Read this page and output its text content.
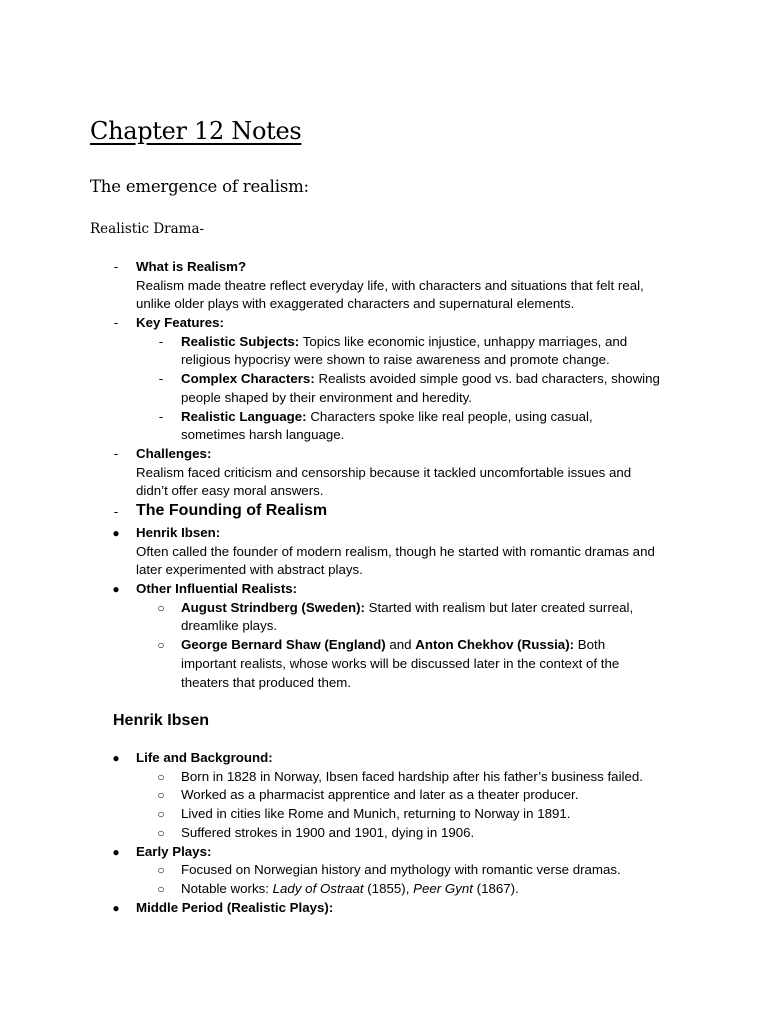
Chapter 12 Notes
The emergence of realism:
Realistic Drama-
- What is Realism?
Realism made theatre reflect everyday life, with characters and situations that felt real,
unlike older plays with exaggerated characters and supernatural elements.
- Key Features:
- Realistic Subjects: Topics like economic injustice, unhappy marriages, and
religious hypocrisy were shown to raise awareness and promote change.
- Complex Characters: Realists avoided simple good vs. bad characters, showing
people shaped by their environment and heredity.
- Realistic Language: Characters spoke like real people, using casual,
sometimes harsh language.
- Challenges:
Realism faced criticism and censorship because it tackled uncomfortable issues and
didn’t offer easy moral answers.
- The Founding of Realism
● Henrik Ibsen:
Often called the founder of modern realism, though he started with romantic dramas and
later experimented with abstract plays.
● Other Influential Realists:
○ August Strindberg (Sweden): Started with realism but later created surreal,
dreamlike plays.
○ George Bernard Shaw (England) and Anton Chekhov (Russia): Both
important realists, whose works will be discussed later in the context of the
theaters that produced them.
Henrik Ibsen
● Life and Background:
○ Born in 1828 in Norway, Ibsen faced hardship after his father’s business failed.
○ Worked as a pharmacist apprentice and later as a theater producer.
○ Lived in cities like Rome and Munich, returning to Norway in 1891.
○ Suffered strokes in 1900 and 1901, dying in 1906.
● Early Plays:
○ Focused on Norwegian history and mythology with romantic verse dramas.
○ Notable works: Lady of Ostraat (1855), Peer Gynt (1867).
● Middle Period (Realistic Plays):
